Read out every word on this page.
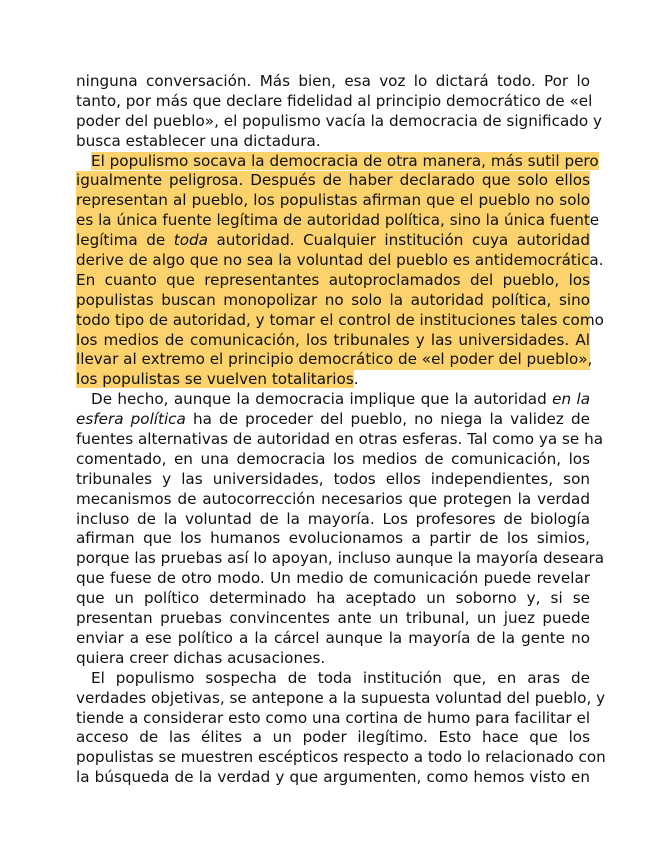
ninguna conversación. Más bien, esa voz lo dictará todo. Por lo
tanto, por más que declare fidelidad al principio democrático de «el
poder del pueblo», el populismo vacía la democracia de significado y
busca establecer una dictadura.
El populismo socava la democracia de otra manera, más sutil pero
igualmente peligrosa. Después de haber declarado que solo ellos
representan al pueblo, los populistas afirman que el pueblo no solo
es la única fuente legítima de autoridad política, sino la única fuente
legítima de toda autoridad. Cualquier institución cuya autoridad
derive de algo que no sea la voluntad del pueblo es antidemocrática.
En cuanto que representantes autoproclamados del pueblo, los
populistas buscan monopolizar no solo la autoridad política, sino
todo tipo de autoridad, y tomar el control de instituciones tales como
los medios de comunicación, los tribunales y las universidades. Al
llevar al extremo el principio democrático de «el poder del pueblo»,
los populistas se vuelven totalitarios.
De hecho, aunque la democracia implique que la autoridad en la
esfera política ha de proceder del pueblo, no niega la validez de
fuentes alternativas de autoridad en otras esferas. Tal como ya se ha
comentado, en una democracia los medios de comunicación, los
tribunales y las universidades, todos ellos independientes, son
mecanismos de autocorrección necesarios que protegen la verdad
incluso de la voluntad de la mayoría. Los profesores de biología
afirman que los humanos evolucionamos a partir de los simios,
porque las pruebas así lo apoyan, incluso aunque la mayoría deseara
que fuese de otro modo. Un medio de comunicación puede revelar
que un político determinado ha aceptado un soborno y, si se
presentan pruebas convincentes ante un tribunal, un juez puede
enviar a ese político a la cárcel aunque la mayoría de la gente no
quiera creer dichas acusaciones.
El populismo sospecha de toda institución que, en aras de
verdades objetivas, se antepone a la supuesta voluntad del pueblo, y
tiende a considerar esto como una cortina de humo para facilitar el
acceso de las élites a un poder ilegítimo. Esto hace que los
populistas se muestren escépticos respecto a todo lo relacionado con
la búsqueda de la verdad y que argumenten, como hemos visto en
